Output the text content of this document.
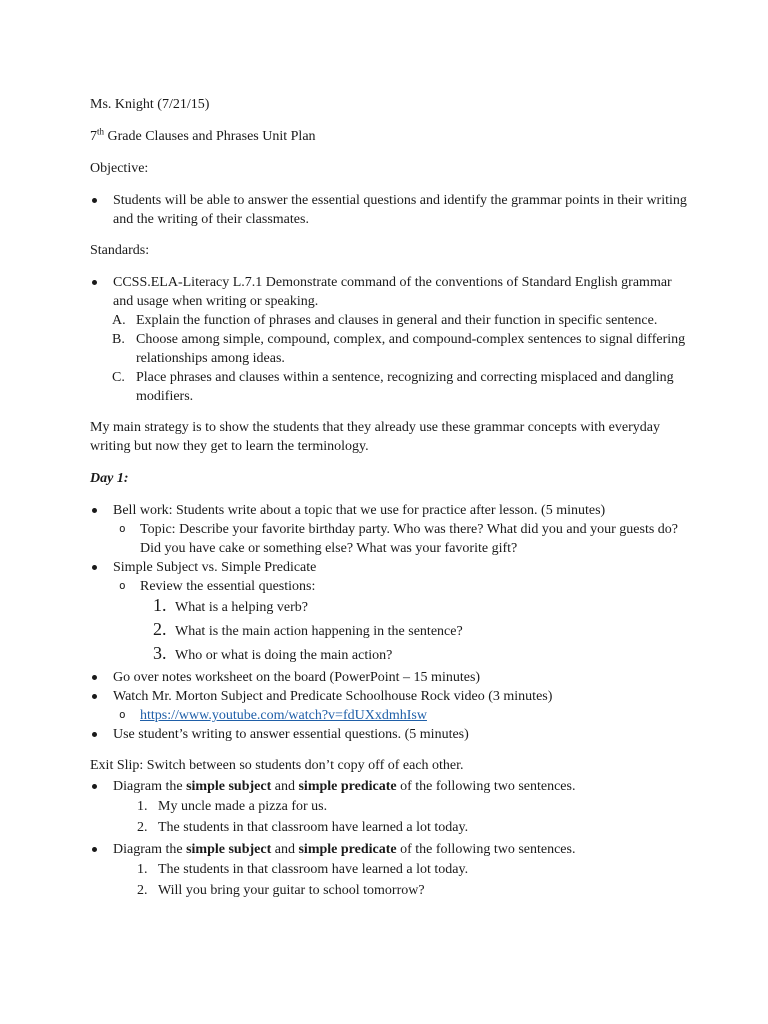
Ms. Knight (7/21/15)

7th Grade Clauses and Phrases Unit Plan

Objective:

Students will be able to answer the essential questions and identify the grammar points in their writing and the writing of their classmates.

Standards:

CCSS.ELA-Literacy L.7.1 Demonstrate command of the conventions of Standard English grammar and usage when writing or speaking.
A. Explain the function of phrases and clauses in general and their function in specific sentence.
B. Choose among simple, compound, complex, and compound-complex sentences to signal differing relationships among ideas.
C. Place phrases and clauses within a sentence, recognizing and correcting misplaced and dangling modifiers.

My main strategy is to show the students that they already use these grammar concepts with everyday writing but now they get to learn the terminology.

Day 1:

Bell work: Students write about a topic that we use for practice after lesson. (5 minutes)
o Topic: Describe your favorite birthday party. Who was there? What did you and your guests do? Did you have cake or something else? What was your favorite gift?
Simple Subject vs. Simple Predicate
o Review the essential questions:
1. What is a helping verb?
2. What is the main action happening in the sentence?
3. Who or what is doing the main action?
Go over notes worksheet on the board (PowerPoint – 15 minutes)
Watch Mr. Morton Subject and Predicate Schoolhouse Rock video (3 minutes)
o https://www.youtube.com/watch?v=fdUXxdmhIsw
Use student’s writing to answer essential questions. (5 minutes)

Exit Slip: Switch between so students don’t copy off of each other.

Diagram the simple subject and simple predicate of the following two sentences.
1. My uncle made a pizza for us.
2. The students in that classroom have learned a lot today.
Diagram the simple subject and simple predicate of the following two sentences.
1. The students in that classroom have learned a lot today.
2. Will you bring your guitar to school tomorrow?
